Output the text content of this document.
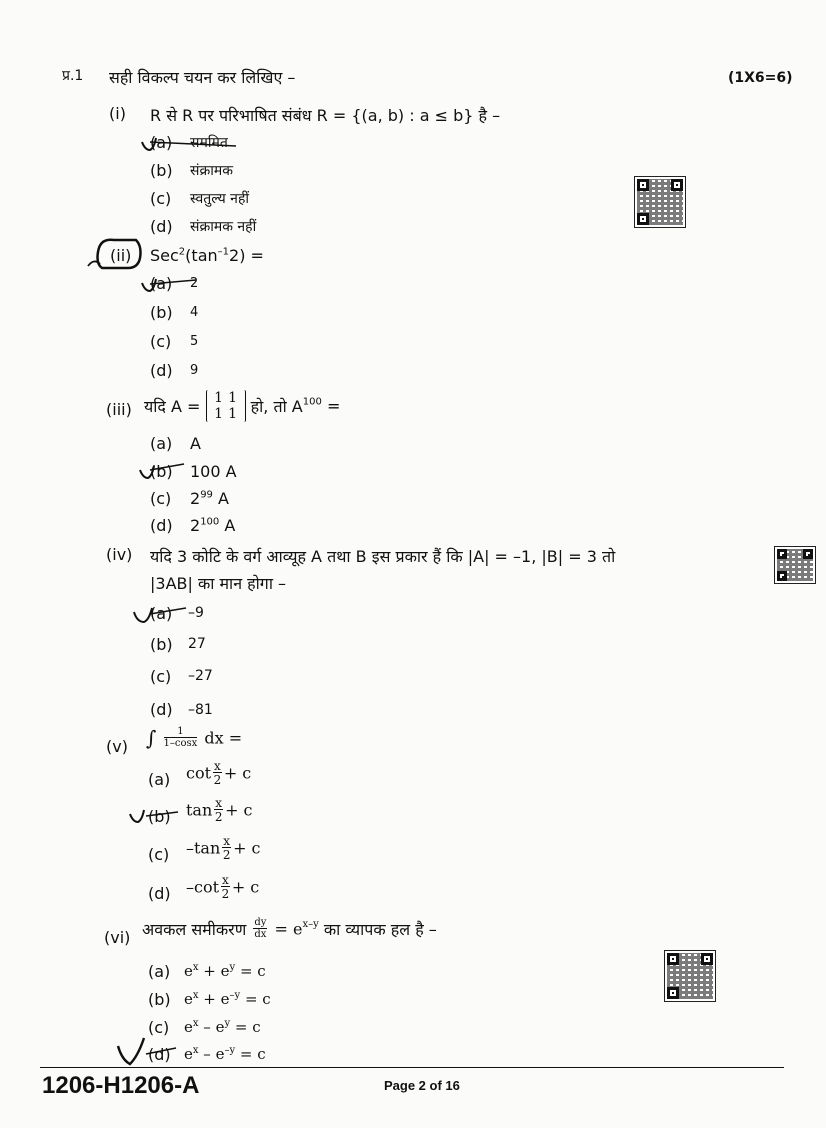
प्र.1 सही विकल्प चयन कर लिखिए –	(1X6=6)
(i) R से R पर परिभाषित संबंध R = {(a, b) : a ≤ b} है –
(a) सममित
(b) संक्रामक
(c) स्वतुल्य नहीं
(d) संक्रामक नहीं
(ii) $Sec^2(\tan^{-1}2)$ =
(a) 2
(b) 4
(c) 5
(d) 9
(iii) यदि A = 1 1
1 1 हो, तो $A^{100}$ =
(a) A
(b) 100 A
(c) $2^{99}$ A
(d) $2^{100}$ A
(iv) यदि 3 कोटि के वर्ग आव्यूह A तथा B इस प्रकार हैं कि |A| = –1, |B| = 3 तो
|3AB| का मान होगा –
(a) –9
(b) 27
(c) –27
(d) –81
(v) ∫ $\frac{1}{1-\cos x}$ dx =
(a) $\cot \frac{x}{2} + c$
(b) $\tan \frac{x}{2} + c$
(c) $-\tan \frac{x}{2} + c$
(d) $-\cot \frac{x}{2} + c$
(vi) अवकल समीकरण $\frac{dy}{dx} = e^{x-y}$ का व्यापक हल है –
(a) $e^x + e^y = c$
(b) $e^x + e^{-y} = c$
(c) $e^x - e^y = c$
(d) $e^x - e^{-y} = c$
1206-H1206-A	Page 2 of 16
